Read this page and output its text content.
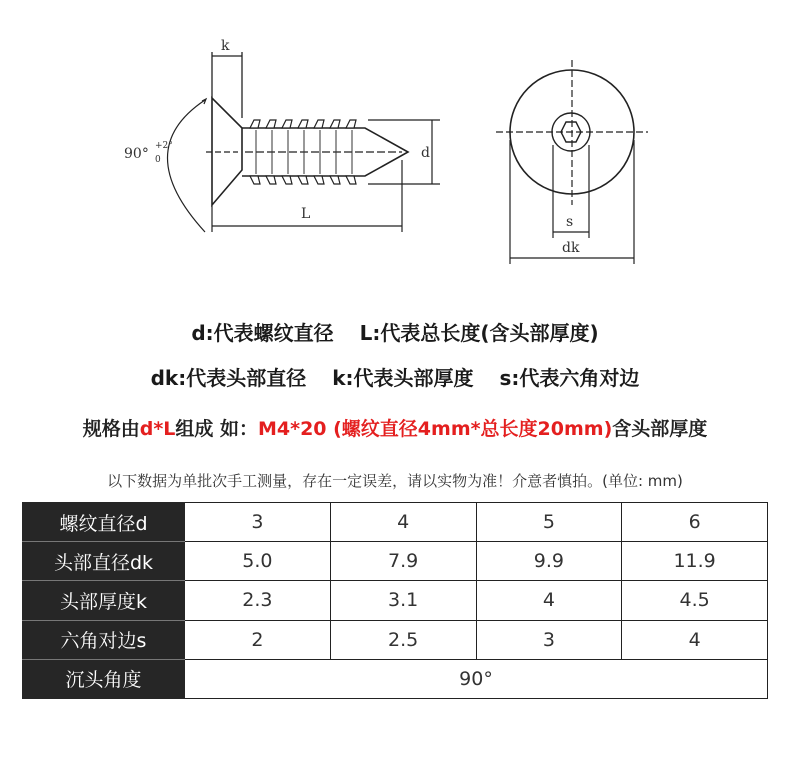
k
90° +2°
0
L
d
s
dk
d:代表螺纹直径 L:代表总长度(含头部厚度)
dk:代表头部直径 k:代表头部厚度 s:代表六角对边
规格由d*L组成 如：M4*20 (螺纹直径4mm*总长度20mm)含头部厚度
以下数据为单批次手工测量，存在一定误差，请以实物为准！介意者慎拍。(单位: mm)
螺纹直径d	3	4	5	6
头部直径dk	5.0	7.9	9.9	11.9
头部厚度k	2.3	3.1	4	4.5
六角对边s	2	2.5	3	4
沉头角度	90°			
